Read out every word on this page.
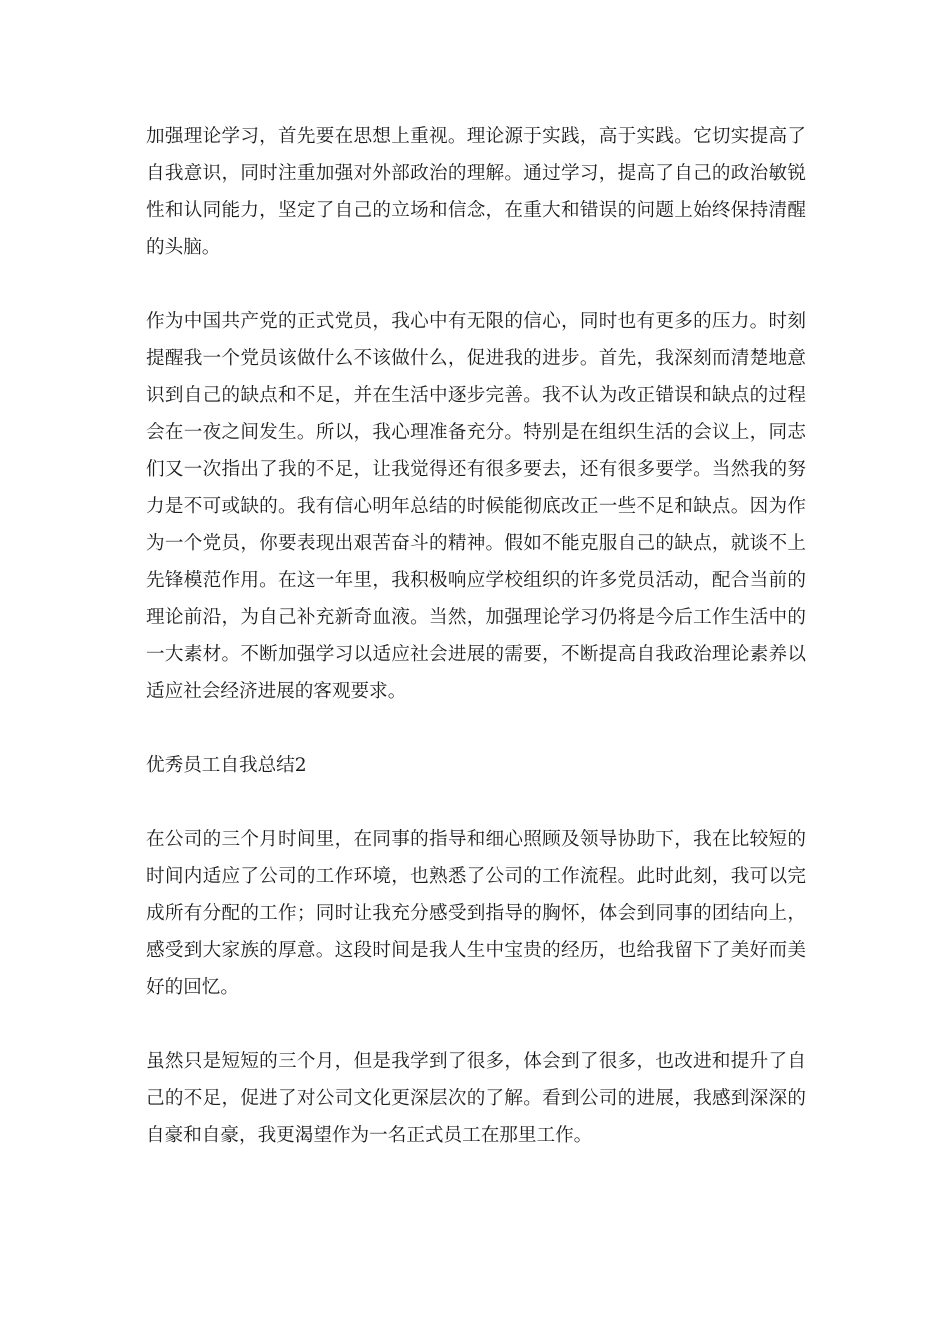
加强理论学习，首先要在思想上重视。理论源于实践，高于实践。它切实提高了自我意识，同时注重加强对外部政治的理解。通过学习，提高了自己的政治敏锐性和认同能力，坚定了自己的立场和信念，在重大和错误的问题上始终保持清醒的头脑。

作为中国共产党的正式党员，我心中有无限的信心，同时也有更多的压力。时刻提醒我一个党员该做什么不该做什么，促进我的进步。首先，我深刻而清楚地意识到自己的缺点和不足，并在生活中逐步完善。我不认为改正错误和缺点的过程会在一夜之间发生。所以，我心理准备充分。特别是在组织生活的会议上，同志们又一次指出了我的不足，让我觉得还有很多要去，还有很多要学。当然我的努力是不可或缺的。我有信心明年总结的时候能彻底改正一些不足和缺点。因为作为一个党员，你要表现出艰苦奋斗的精神。假如不能克服自己的缺点，就谈不上先锋模范作用。在这一年里，我积极响应学校组织的许多党员活动，配合当前的理论前沿，为自己补充新奇血液。当然，加强理论学习仍将是今后工作生活中的一大素材。不断加强学习以适应社会进展的需要，不断提高自我政治理论素养以适应社会经济进展的客观要求。

优秀员工自我总结2

在公司的三个月时间里，在同事的指导和细心照顾及领导协助下，我在比较短的时间内适应了公司的工作环境，也熟悉了公司的工作流程。此时此刻，我可以完成所有分配的工作；同时让我充分感受到指导的胸怀，体会到同事的团结向上，感受到大家族的厚意。这段时间是我人生中宝贵的经历，也给我留下了美好而美好的回忆。

虽然只是短短的三个月，但是我学到了很多，体会到了很多，也改进和提升了自己的不足，促进了对公司文化更深层次的了解。看到公司的进展，我感到深深的自豪和自豪，我更渴望作为一名正式员工在那里工作。
